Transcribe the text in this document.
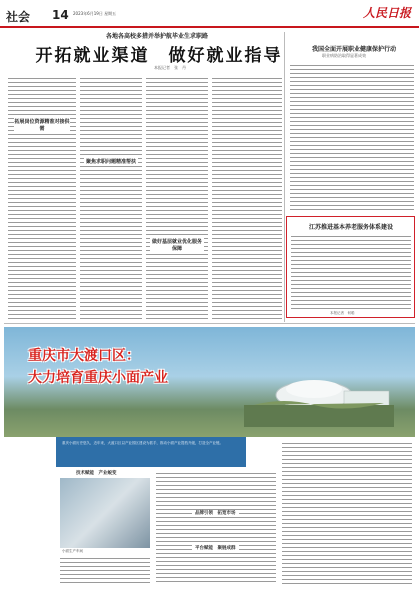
社会 14 2023年6月19日 星期五	人民日报
各地各高校多措并举护航毕业生求职路
开拓就业渠道　做好就业指导
本报记者　张　丹
拓展岗位资源精准对接供需
聚焦求职问题精准帮扶
做好基层就业优化服务保障
我国全面开展职业健康保护行动
职业病防治取得显著成效
江苏推进基本养老服务体系建设
本报记者　何聪
重庆市大渡口区：
大力培育重庆小面产业
重庆小面历史悠久，近年来，大渡口区以产业园区建设为抓手，推动小面产业提档升级，打造全产业链。
技术赋能　产业蜕变
小面生产车间
品牌引领　拓宽市场
平台赋能　聚链成群
